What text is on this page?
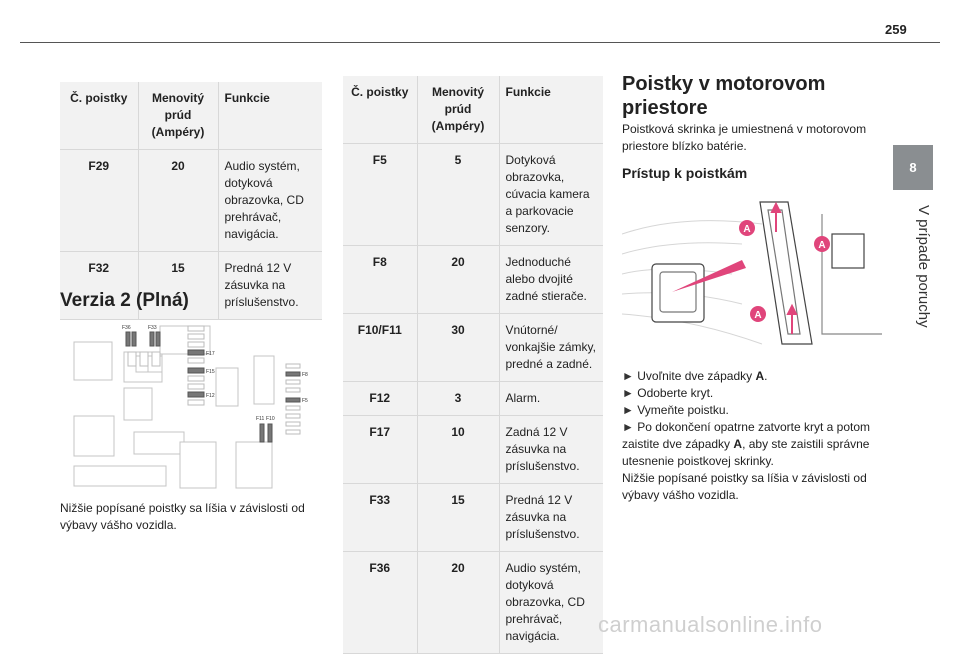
259
8
V prípade poruchy
Č. poistky	Menovitý prúd (Ampéry)	Funkcie
F29	20	Audio systém, dotyková obrazovka, CD prehrávač, navigácia.
F32	15	Predná 12 V zásuvka na príslušenstvo.
Verzia 2 (Plná)
F36	F33
F17
F15
F12
F8
F5
F11 F10
Nižšie popísané poistky sa líšia v závislosti od výbavy vášho vozidla.
Č. poistky	Menovitý prúd (Ampéry)	Funkcie
F5	5	Dotyková obrazovka, cúvacia kamera a parkovacie senzory.
F8	20	Jednoduché alebo dvojité zadné stierače.
F10/F11	30	Vnútorné/ vonkajšie zámky, predné a zadné.
F12	3	Alarm.
F17	10	Zadná 12 V zásuvka na príslušenstvo.
F33	15	Predná 12 V zásuvka na príslušenstvo.
F36	20	Audio systém, dotyková obrazovka, CD prehrávač, navigácia.
Poistky v motorovom priestore
Poistková skrinka je umiestnená v motorovom priestore blízko batérie.
Prístup k poistkám
A
A
A

► Uvoľnite dve západky A.

► Odoberte kryt.

► Vymeňte poistku.

► Po dokončení opatrne zatvorte kryt a potom zaistite dve západky A, aby ste zaistili správne utesnenie poistkovej skrinky.

Nižšie popísané poistky sa líšia v závislosti od výbavy vášho vozidla.

carmanualsonline.info
